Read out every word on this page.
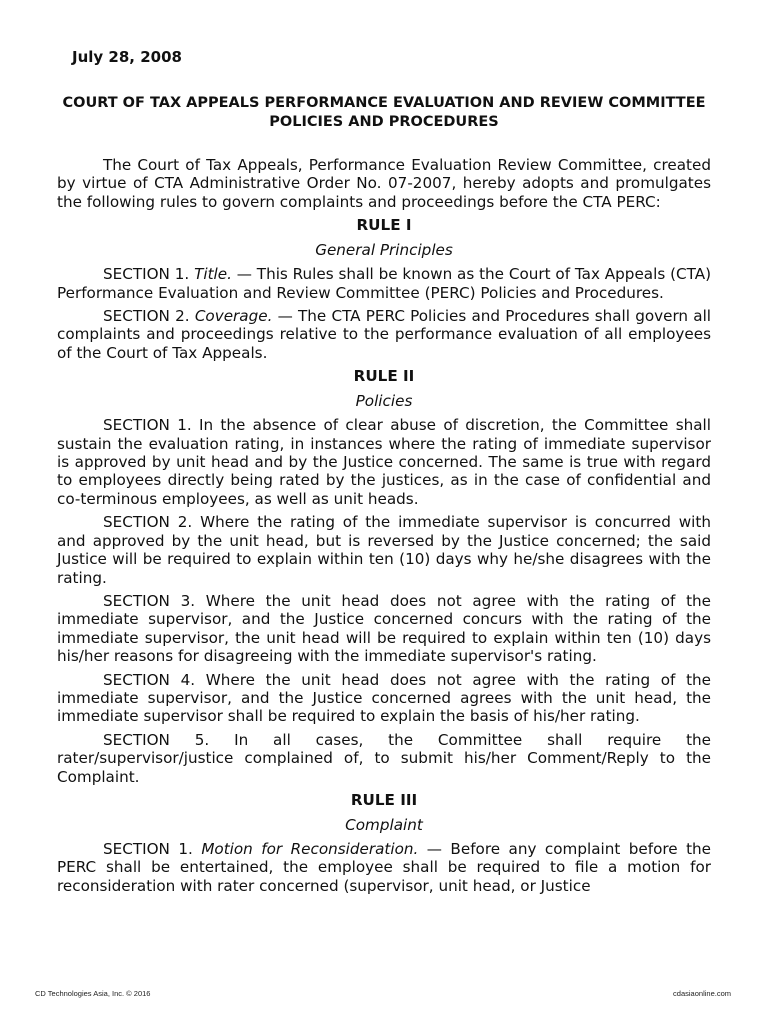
July 28, 2008

COURT OF TAX APPEALS PERFORMANCE EVALUATION AND REVIEW COMMITTEE POLICIES AND PROCEDURES

The Court of Tax Appeals, Performance Evaluation Review Committee, created by virtue of CTA Administrative Order No. 07-2007, hereby adopts and promulgates the following rules to govern complaints and proceedings before the CTA PERC:

RULE I
General Principles

SECTION 1. Title. — This Rules shall be known as the Court of Tax Appeals (CTA) Performance Evaluation and Review Committee (PERC) Policies and Procedures.

SECTION 2. Coverage. — The CTA PERC Policies and Procedures shall govern all complaints and proceedings relative to the performance evaluation of all employees of the Court of Tax Appeals.

RULE II
Policies

SECTION 1. In the absence of clear abuse of discretion, the Committee shall sustain the evaluation rating, in instances where the rating of immediate supervisor is approved by unit head and by the Justice concerned. The same is true with regard to employees directly being rated by the justices, as in the case of confidential and co-terminous employees, as well as unit heads.

SECTION 2. Where the rating of the immediate supervisor is concurred with and approved by the unit head, but is reversed by the Justice concerned; the said Justice will be required to explain within ten (10) days why he/she disagrees with the rating.

SECTION 3. Where the unit head does not agree with the rating of the immediate supervisor, and the Justice concerned concurs with the rating of the immediate supervisor, the unit head will be required to explain within ten (10) days his/her reasons for disagreeing with the immediate supervisor's rating.

SECTION 4. Where the unit head does not agree with the rating of the immediate supervisor, and the Justice concerned agrees with the unit head, the immediate supervisor shall be required to explain the basis of his/her rating.

SECTION 5. In all cases, the Committee shall require the rater/supervisor/justice complained of, to submit his/her Comment/Reply to the Complaint.

RULE III
Complaint

SECTION 1. Motion for Reconsideration. — Before any complaint before the PERC shall be entertained, the employee shall be required to file a motion for reconsideration with rater concerned (supervisor, unit head, or Justice

CD Technologies Asia, Inc. © 2016	cdasiaonline.com
